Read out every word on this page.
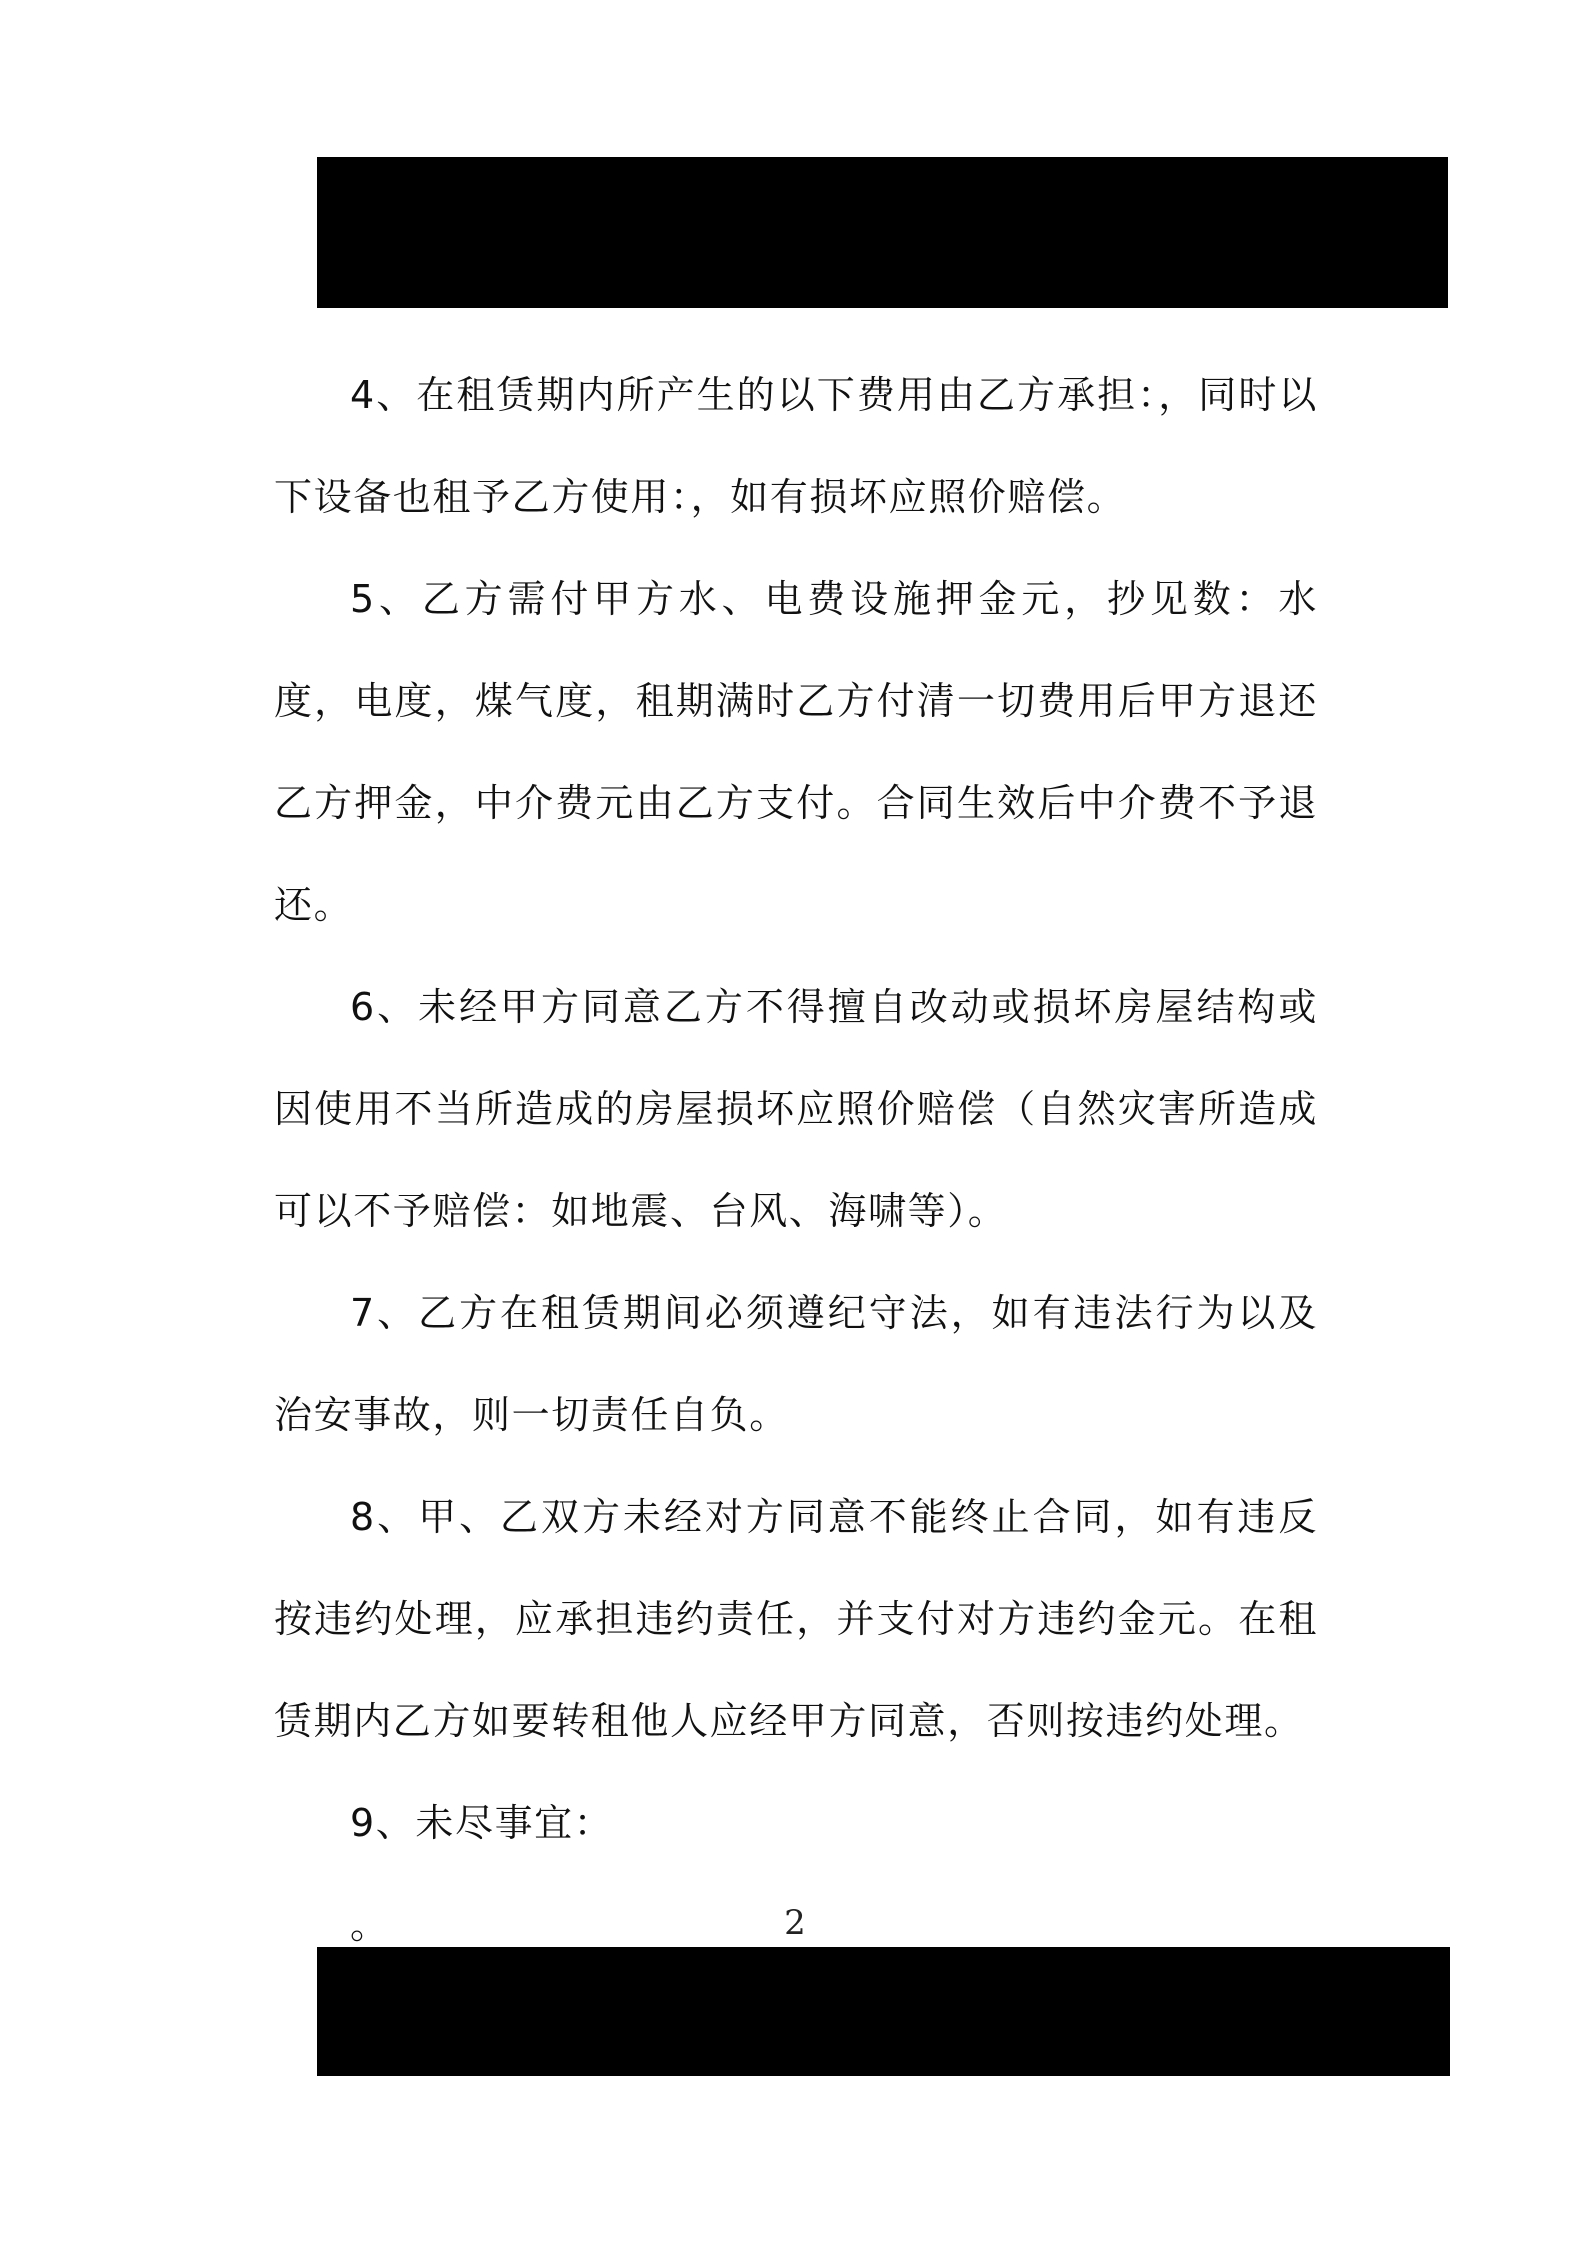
4、在租赁期内所产生的以下费用由乙方承担：，同时以下设备也租予乙方使用：，如有损坏应照价赔偿。

5、乙方需付甲方水、电费设施押金元，抄见数：水度，电度，煤气度，租期满时乙方付清一切费用后甲方退还乙方押金，中介费元由乙方支付。合同生效后中介费不予退还。

6、未经甲方同意乙方不得擅自改动或损坏房屋结构或因使用不当所造成的房屋损坏应照价赔偿（自然灾害所造成可以不予赔偿：如地震、台风、海啸等）。

7、乙方在租赁期间必须遵纪守法，如有违法行为以及治安事故，则一切责任自负。

8、甲、乙双方未经对方同意不能终止合同，如有违反按违约处理，应承担违约责任，并支付对方违约金元。在租赁期内乙方如要转租他人应经甲方同意，否则按违约处理。

9、未尽事宜：

。	2
